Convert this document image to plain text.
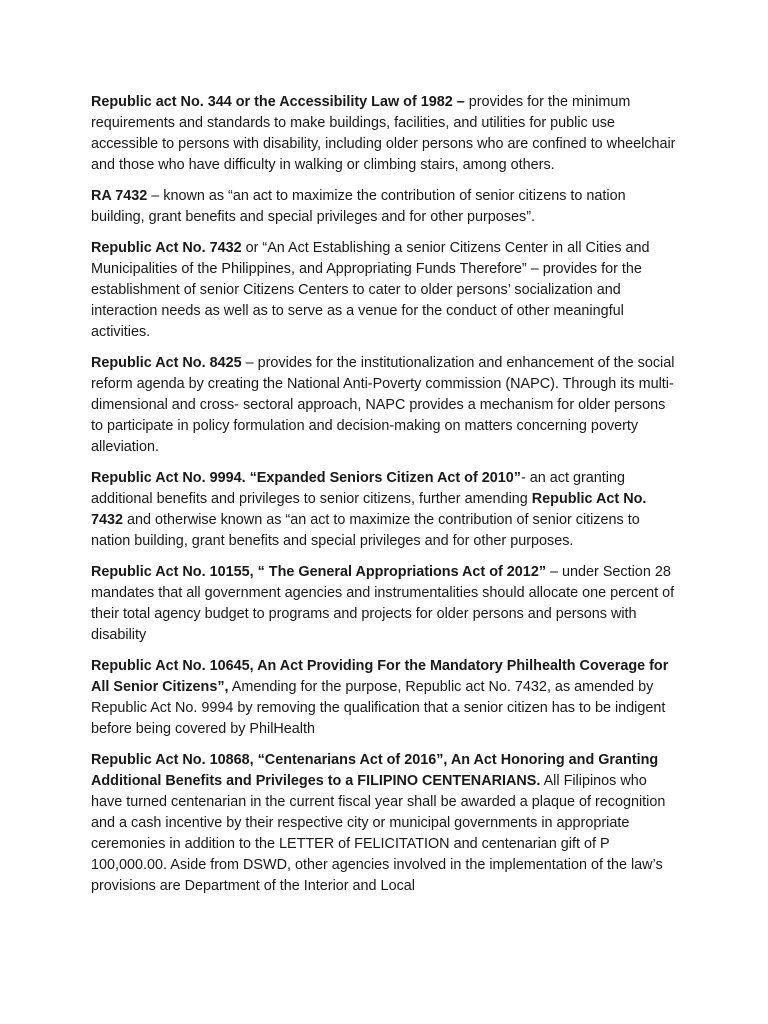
Republic act No. 344 or the Accessibility Law of 1982 – provides for the minimum requirements and standards to make buildings, facilities, and utilities for public use accessible to persons with disability, including older persons who are confined to wheelchair and those who have difficulty in walking or climbing stairs, among others.

RA 7432 – known as “an act to maximize the contribution of senior citizens to nation building, grant benefits and special privileges and for other purposes”.

Republic Act No. 7432 or “An Act Establishing a senior Citizens Center in all Cities and Municipalities of the Philippines, and Appropriating Funds Therefore” – provides for the establishment of senior Citizens Centers to cater to older persons’ socialization and interaction needs as well as to serve as a venue for the conduct of other meaningful activities.

Republic Act No. 8425 – provides for the institutionalization and enhancement of the social reform agenda by creating the National Anti-Poverty commission (NAPC). Through its multi-dimensional and cross- sectoral approach, NAPC provides a mechanism for older persons to participate in policy formulation and decision-making on matters concerning poverty alleviation.

Republic Act No. 9994. “Expanded Seniors Citizen Act of 2010”- an act granting additional benefits and privileges to senior citizens, further amending Republic Act No. 7432 and otherwise known as “an act to maximize the contribution of senior citizens to nation building, grant benefits and special privileges and for other purposes.

Republic Act No. 10155, “ The General Appropriations Act of 2012” – under Section 28 mandates that all government agencies and instrumentalities should allocate one percent of their total agency budget to programs and projects for older persons and persons with disability

Republic Act No. 10645, An Act Providing For the Mandatory Philhealth Coverage for All Senior Citizens”, Amending for the purpose, Republic act No. 7432, as amended by Republic Act No. 9994 by removing the qualification that a senior citizen has to be indigent before being covered by PhilHealth

Republic Act No. 10868, “Centenarians Act of 2016”, An Act Honoring and Granting Additional Benefits and Privileges to a FILIPINO CENTENARIANS. All Filipinos who have turned centenarian in the current fiscal year shall be awarded a plaque of recognition and a cash incentive by their respective city or municipal governments in appropriate ceremonies in addition to the LETTER of FELICITATION and centenarian gift of P 100,000.00. Aside from DSWD, other agencies involved in the implementation of the law’s provisions are Department of the Interior and Local
